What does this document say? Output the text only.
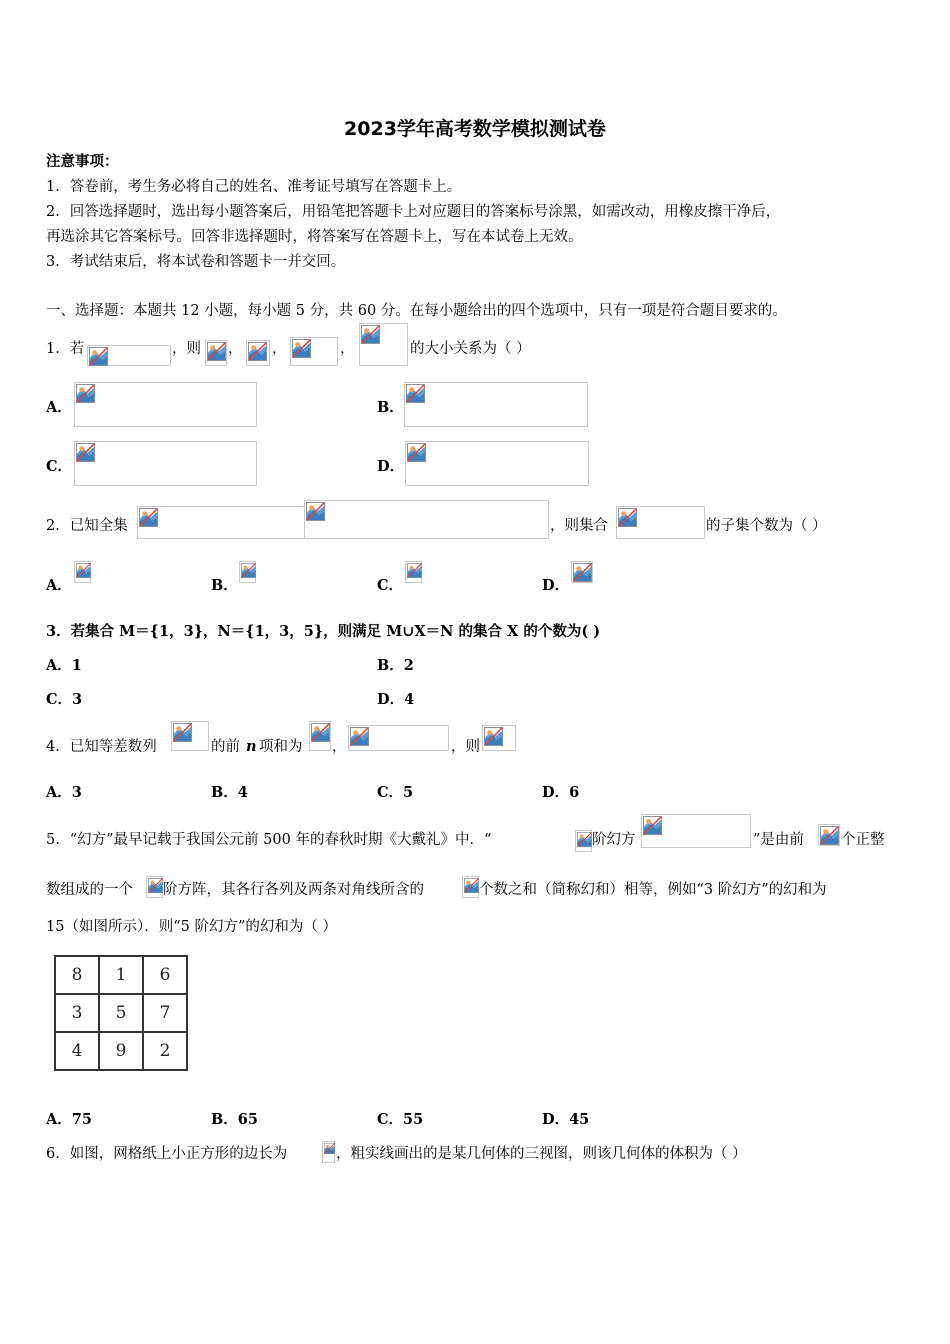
2023学年高考数学模拟测试卷
注意事项：
1．答卷前，考生务必将自己的姓名、准考证号填写在答题卡上。
2．回答选择题时，选出每小题答案后，用铅笔把答题卡上对应题目的答案标号涂黑，如需改动，用橡皮擦干净后，
再选涂其它答案标号。回答非选择题时，将答案写在答题卡上，写在本试卷上无效。
3．考试结束后，将本试卷和答题卡一并交回。
一、选择题：本题共 12 小题，每小题 5 分，共 60 分。在每小题给出的四个选项中，只有一项是符合题目要求的。
1．若	，则 ， ，	，	的大小关系为（ ）
A．	B．
C．	D．
2．已知全集	，则集合	的子集个数为（ ）
A．	B．	C．	D．
3．若集合 M＝{1，3}，N＝{1，3，5}，则满足 M∪X＝N 的集合 X 的个数为( )
A．1	B．2
C．3	D．4
4．已知等差数列	的前 n 项和为 ，	，则
A．3	B．4	C．5	D．6
5．“幻方”最早记载于我国公元前 500 年的春秋时期《大戴礼》中．“	阶幻方	”是由前	个正整
数组成的一个 阶方阵，其各行各列及两条对角线所含的	个数之和（简称幻和）相等，例如“3 阶幻方”的幻和为
15（如图所示）．则“5 阶幻方”的幻和为（ ）
8	1	6
3	5	7
4	9	2
A．75	B．65	C．55	D．45
6．如图，网格纸上小正方形的边长为	，粗实线画出的是某几何体的三视图，则该几何体的体积为（ ）
